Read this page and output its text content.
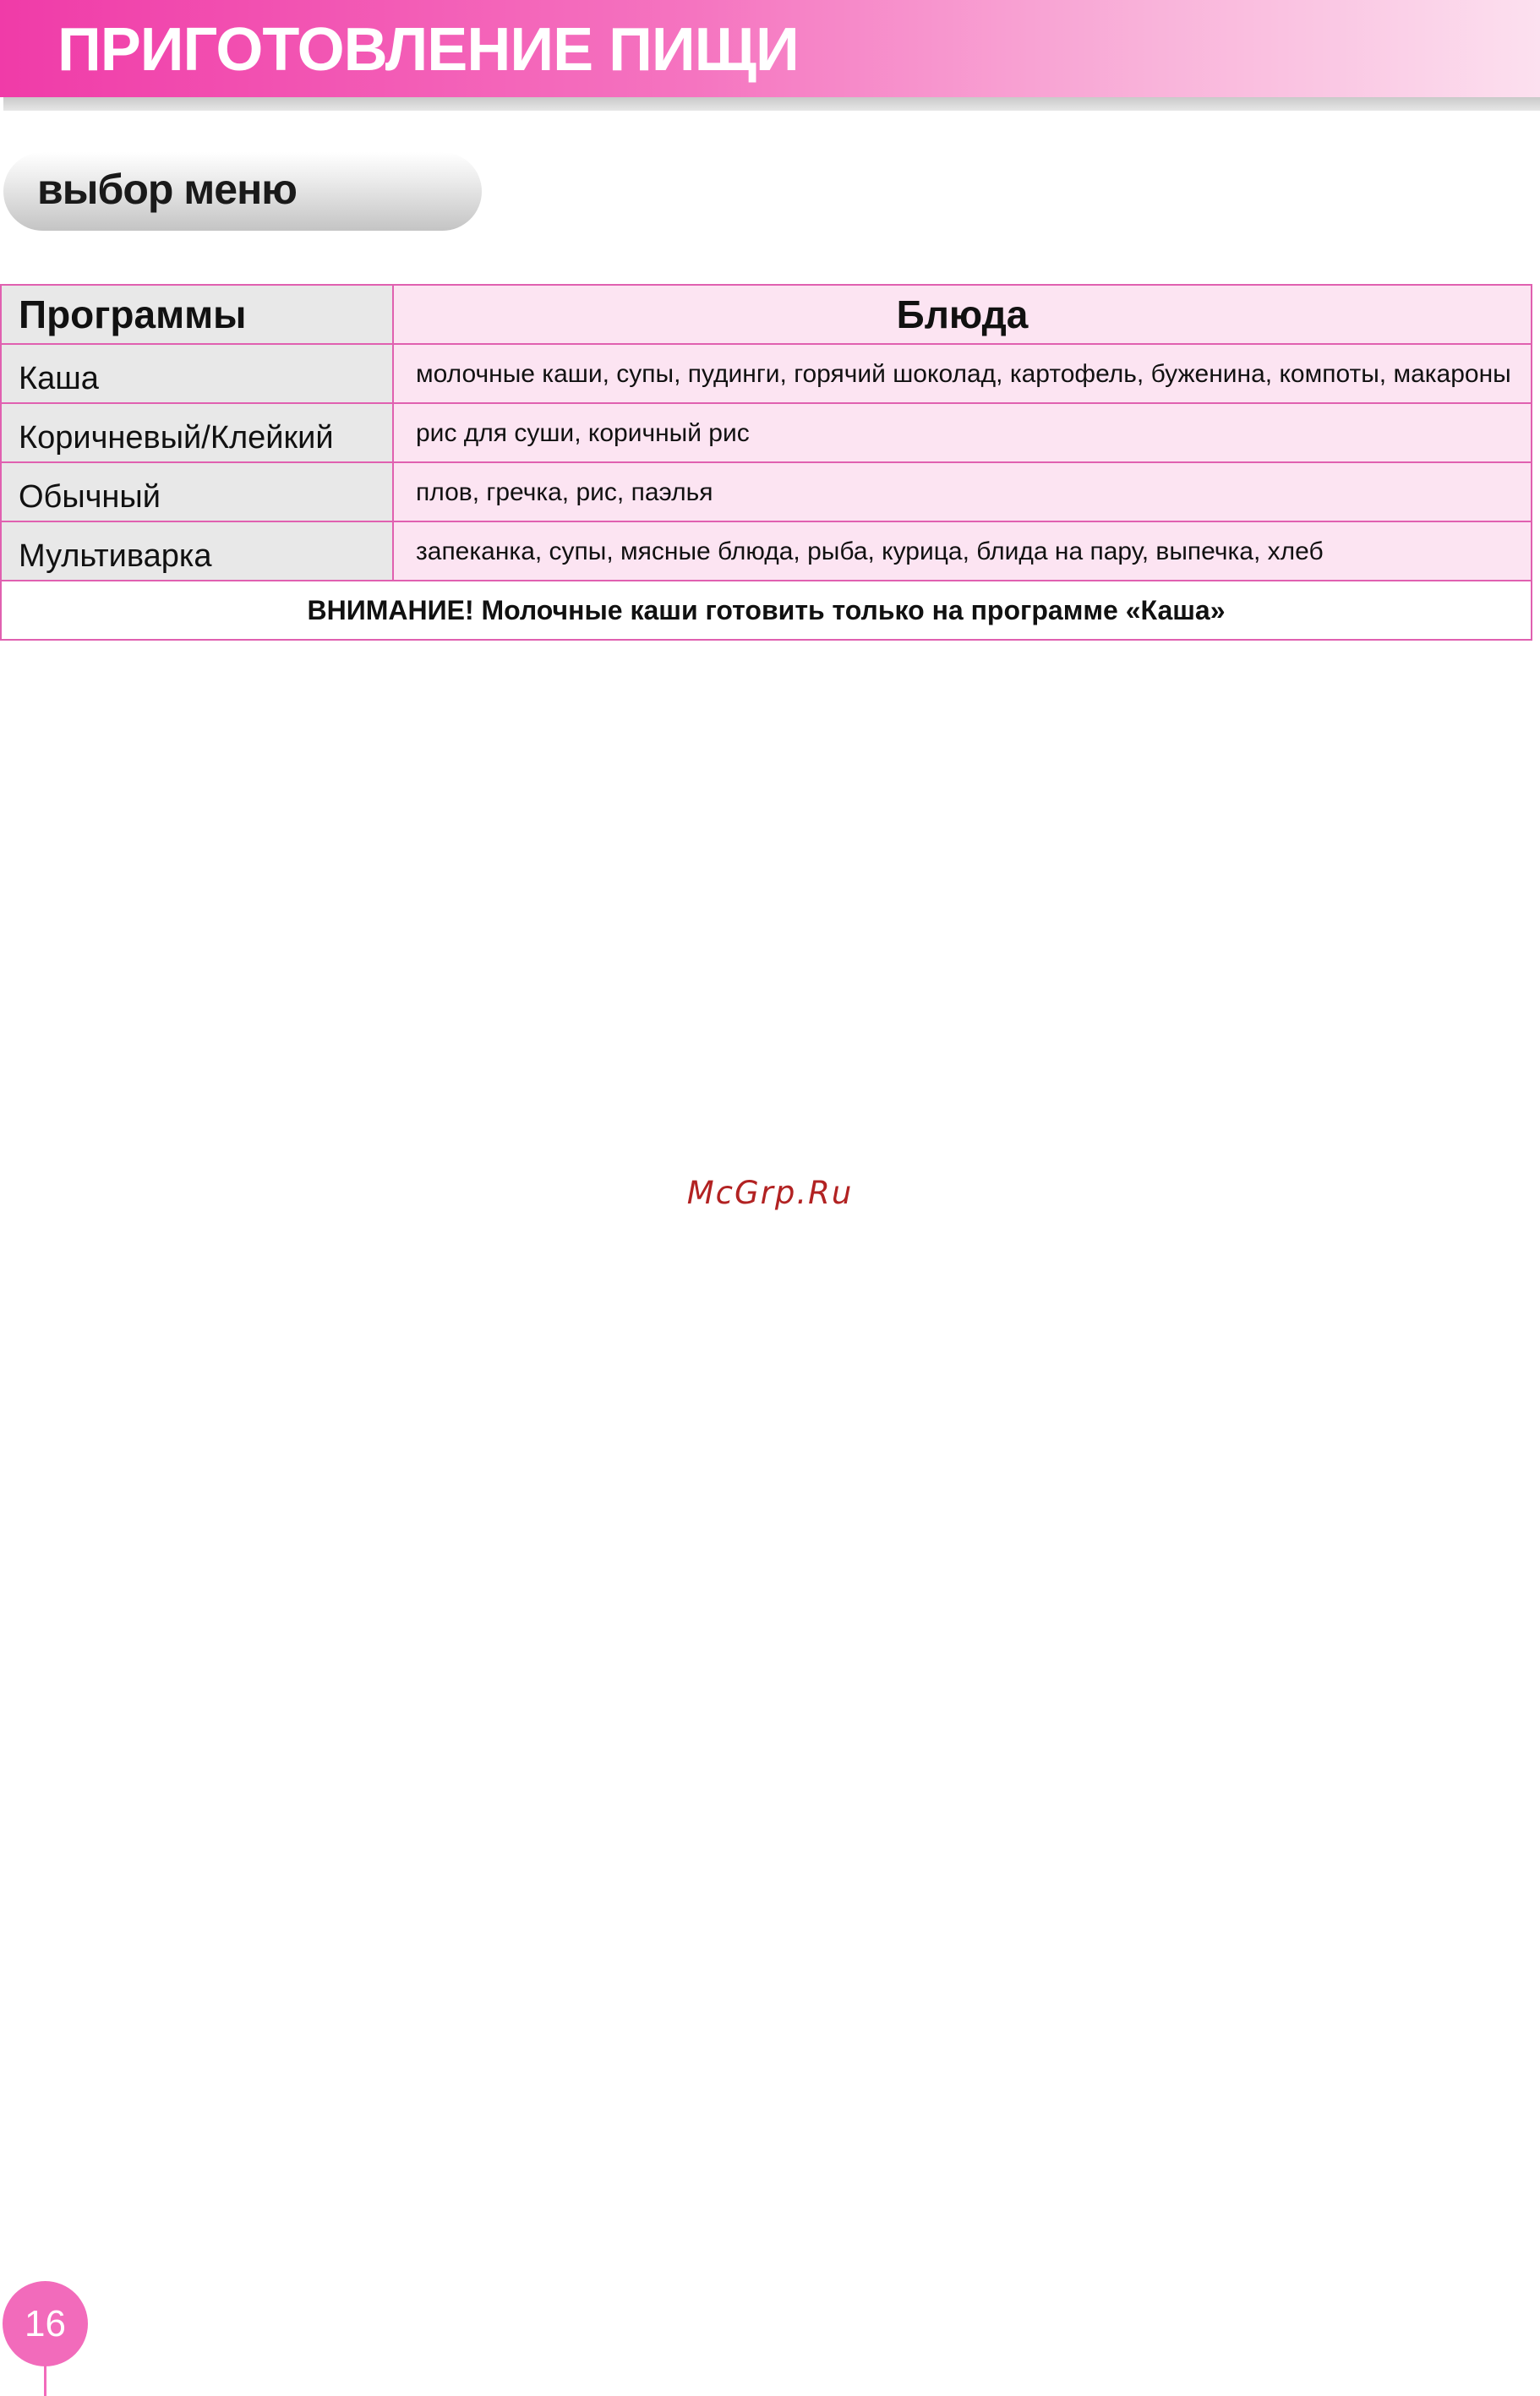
ПРИГОТОВЛЕНИЕ ПИЩИ
выбор меню
Программы	Блюда

Каша	молочные каши, супы, пудинги, горячий шоколад, картофель, буженина, компоты, макароны

Коричневый/Клейкий	рис для суши, коричный рис

Обычный	плов, гречка, рис, паэлья

Мультиварка	запеканка, супы, мясные блюда, рыба, курица, блида на пару, выпечка, хлеб

ВНИМАНИЕ! Молочные каши готовить только на программе «Каша»	
McGrp.Ru
16
